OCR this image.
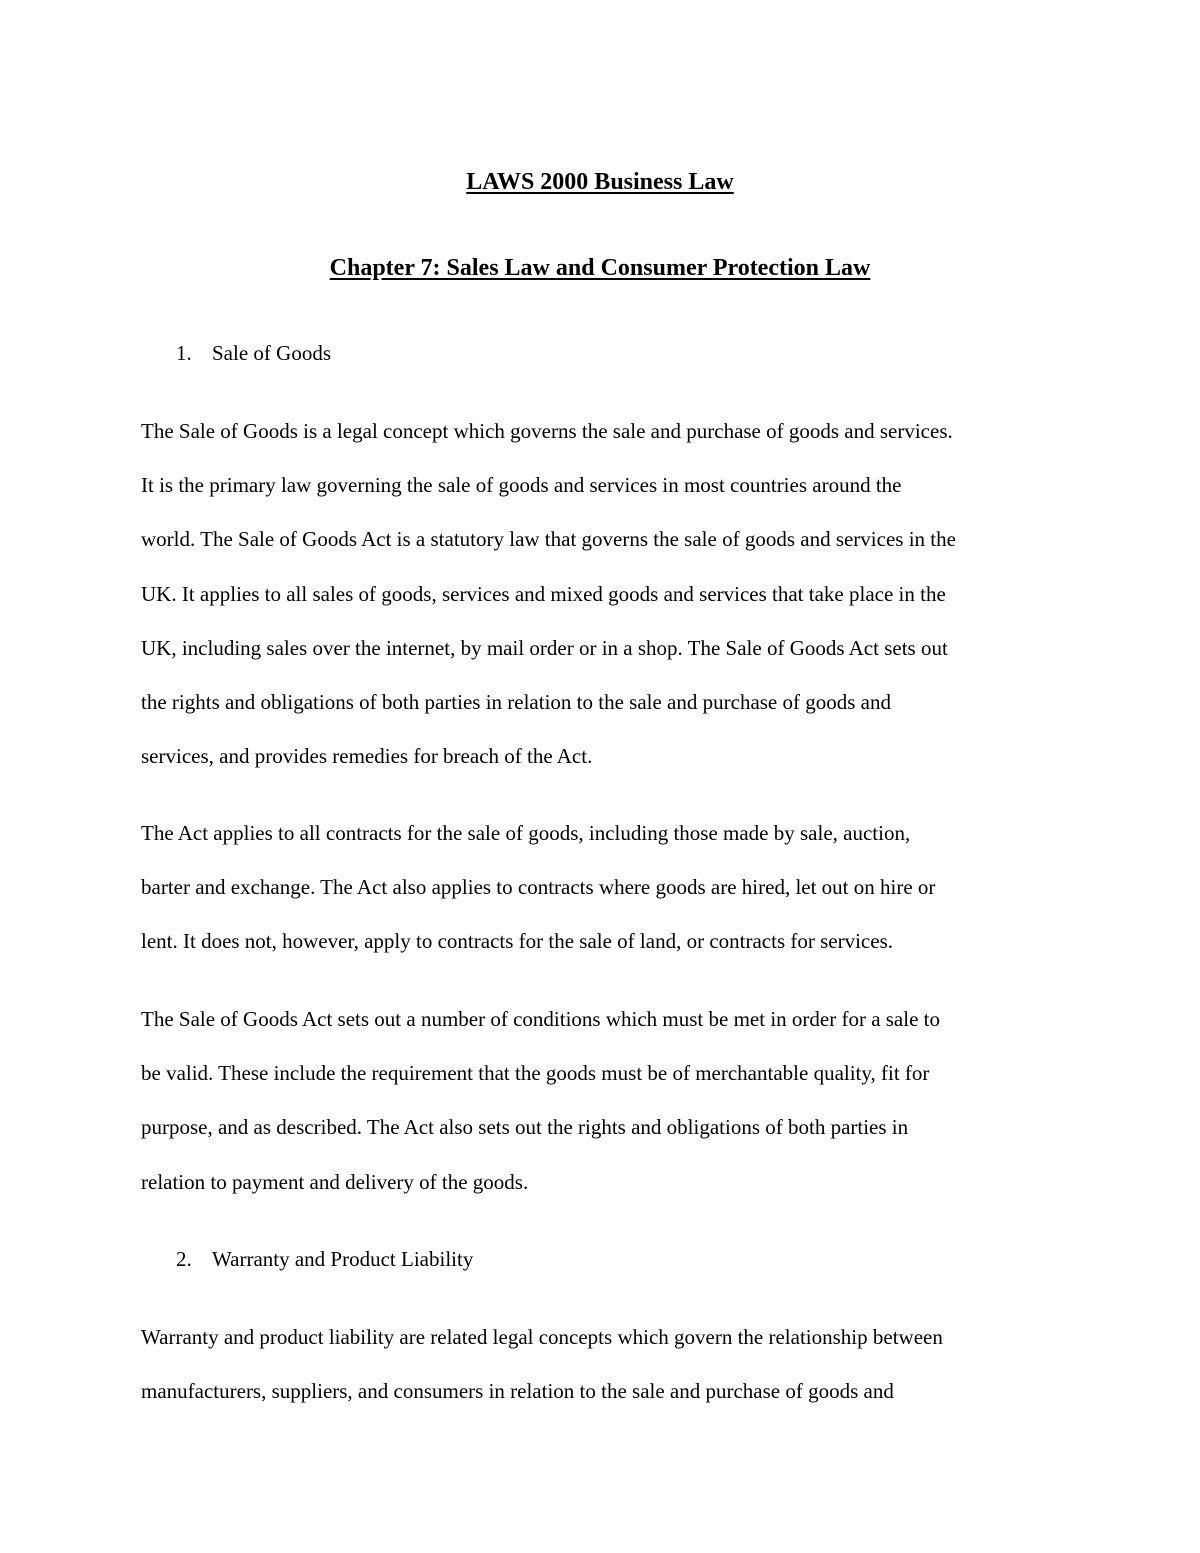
LAWS 2000 Business Law
Chapter 7: Sales Law and Consumer Protection Law
1. Sale of Goods

The Sale of Goods is a legal concept which governs the sale and purchase of goods and services.
It is the primary law governing the sale of goods and services in most countries around the
world. The Sale of Goods Act is a statutory law that governs the sale of goods and services in the
UK. It applies to all sales of goods, services and mixed goods and services that take place in the
UK, including sales over the internet, by mail order or in a shop. The Sale of Goods Act sets out
the rights and obligations of both parties in relation to the sale and purchase of goods and
services, and provides remedies for breach of the Act.

The Act applies to all contracts for the sale of goods, including those made by sale, auction,
barter and exchange. The Act also applies to contracts where goods are hired, let out on hire or
lent. It does not, however, apply to contracts for the sale of land, or contracts for services.

The Sale of Goods Act sets out a number of conditions which must be met in order for a sale to
be valid. These include the requirement that the goods must be of merchantable quality, fit for
purpose, and as described. The Act also sets out the rights and obligations of both parties in
relation to payment and delivery of the goods.

2. Warranty and Product Liability

Warranty and product liability are related legal concepts which govern the relationship between
manufacturers, suppliers, and consumers in relation to the sale and purchase of goods and
